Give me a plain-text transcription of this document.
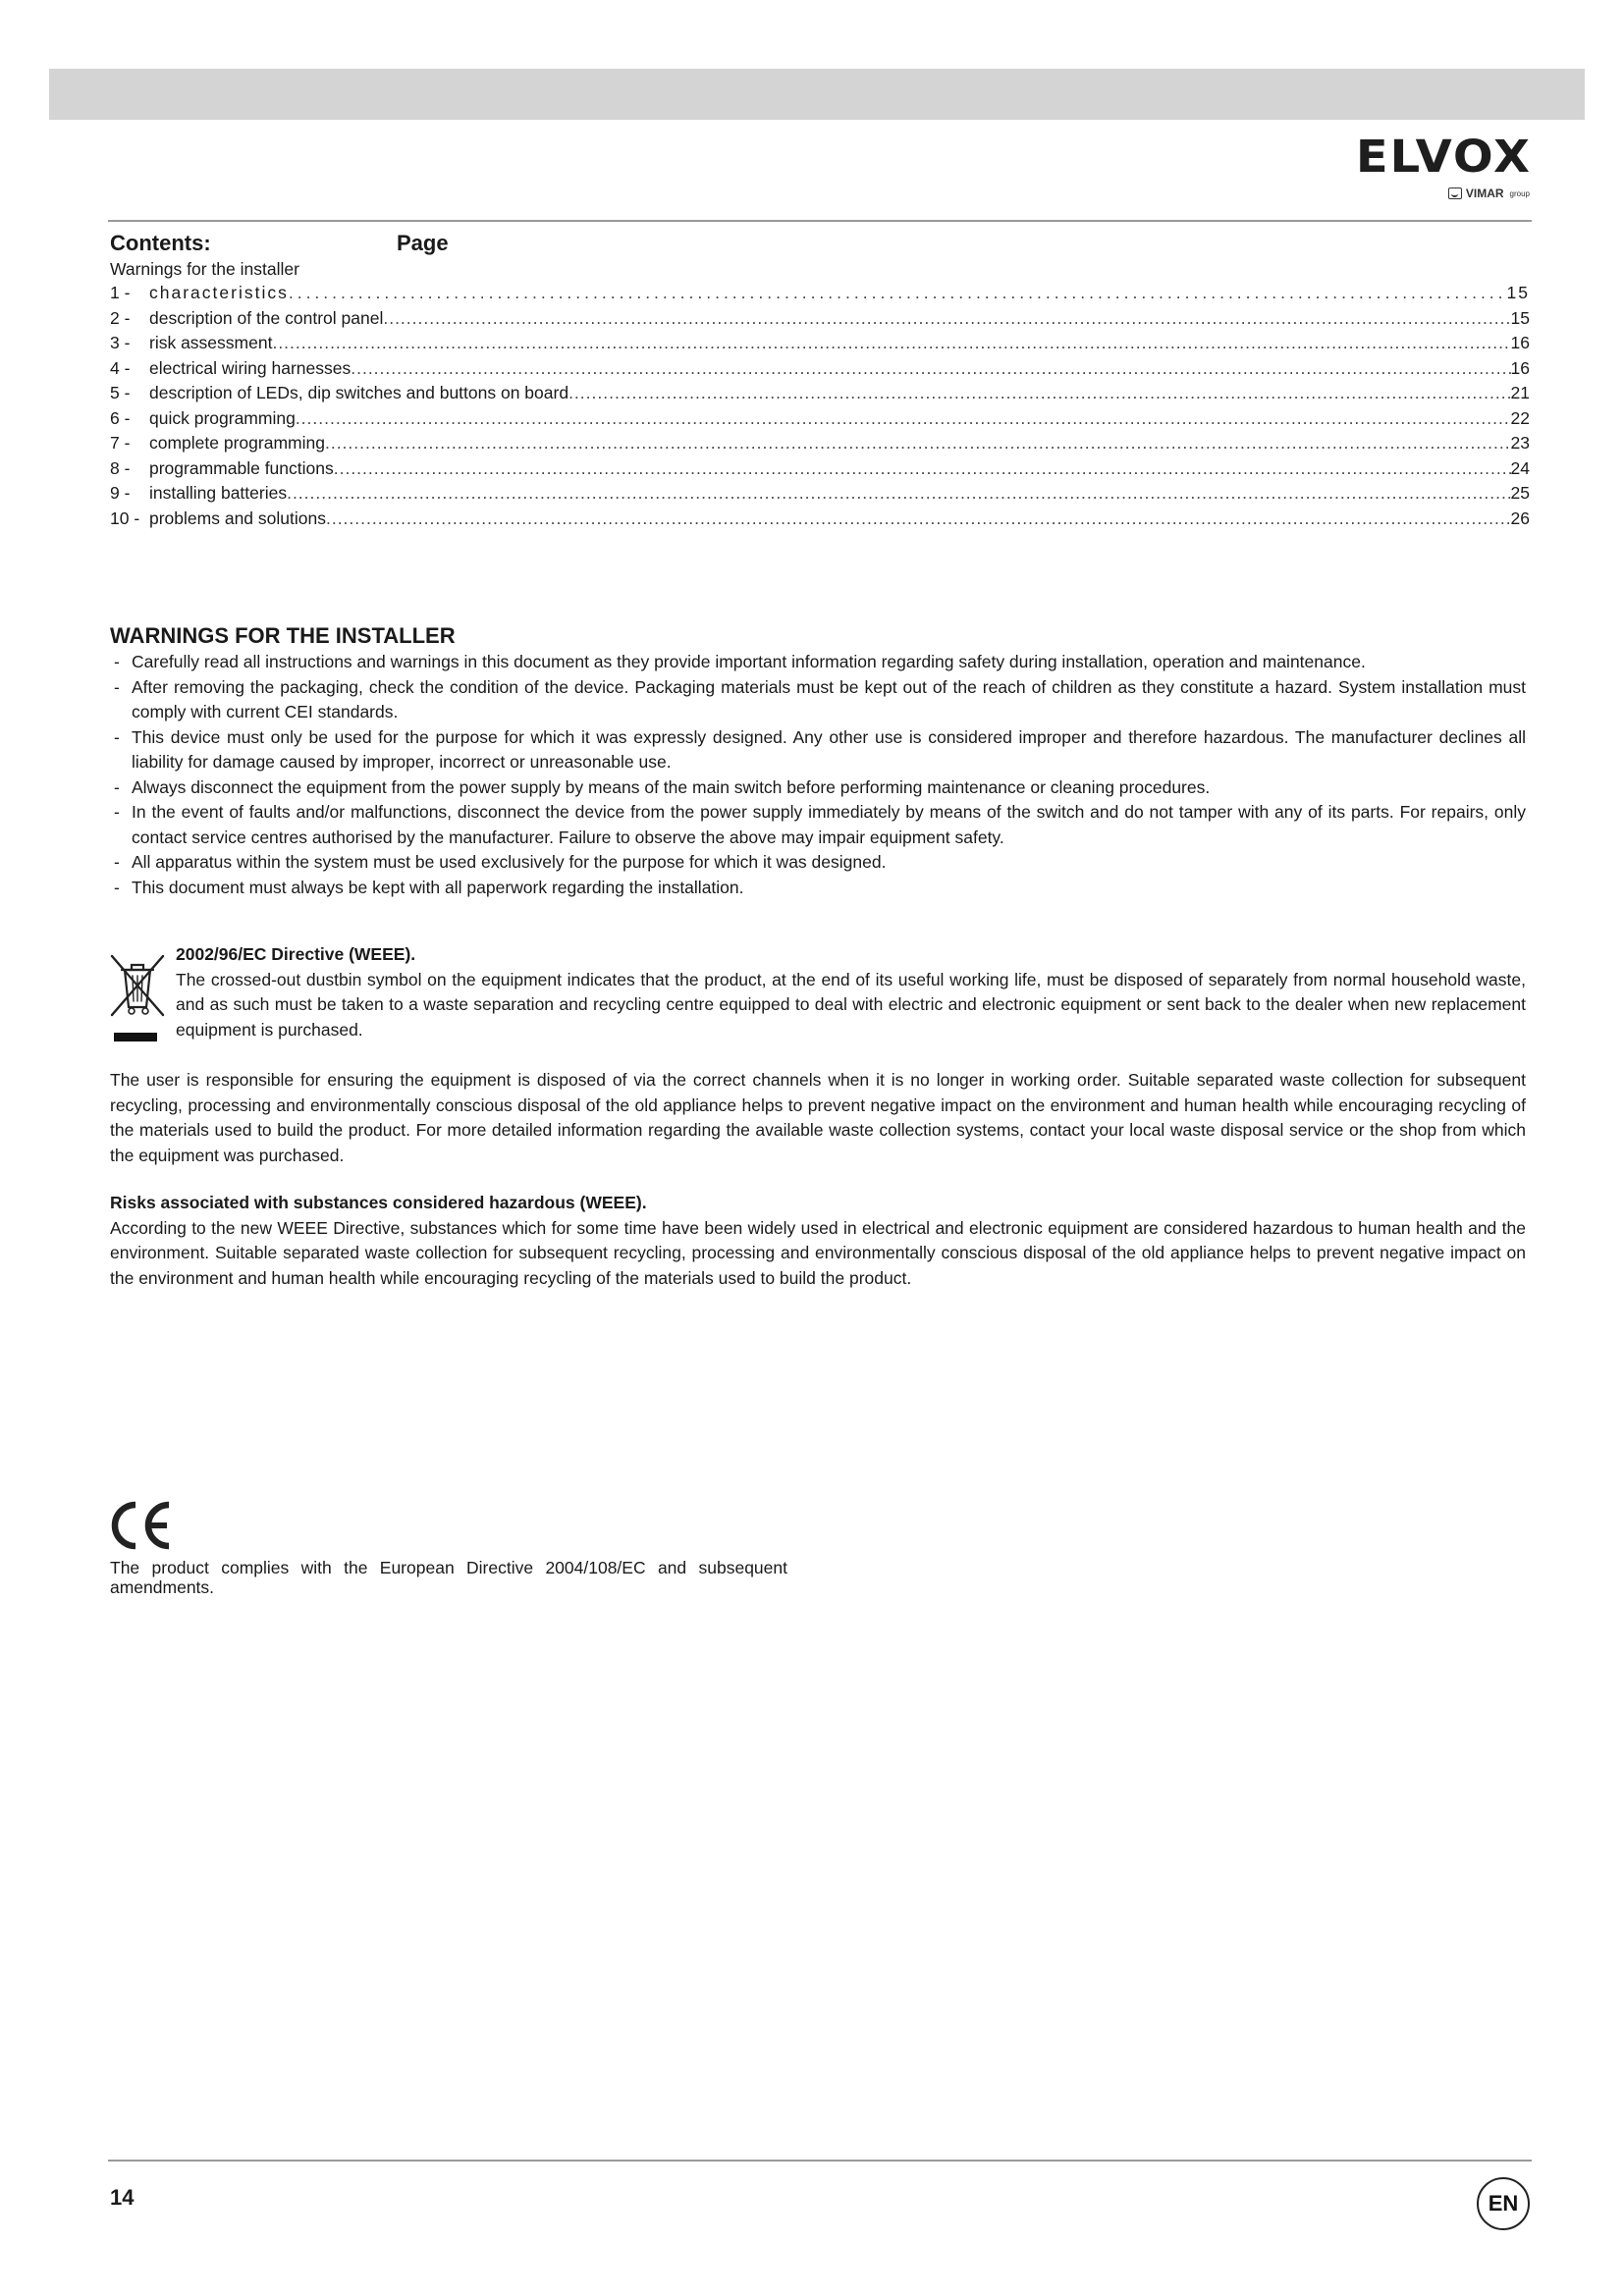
ELVOX
VIMAR group
Contents:	Page
Warnings for the installer
1 -	characteristics .....	15
2 -	description of the control panel .....	15
3 -	risk assessment .....	16
4 -	electrical wiring harnesses .....	16
5 -	description of LEDs, dip switches and buttons on board .....	21
6 -	quick programming .....	22
7 -	complete programming .....	23
8 -	programmable functions .....	24
9 -	installing batteries .....	25
10 - problems and solutions .....	26
WARNINGS FOR THE INSTALLER
- Carefully read all instructions and warnings in this document as they provide important information regarding safety during installation, operation and maintenance.
- After removing the packaging, check the condition of the device. Packaging materials must be kept out of the reach of children as they constitute a hazard. System installation must comply with current CEI standards.
- This device must only be used for the purpose for which it was expressly designed. Any other use is considered improper and therefore hazardous. The manufacturer declines all liability for damage caused by improper, incorrect or unreasonable use.
- Always disconnect the equipment from the power supply by means of the main switch before performing maintenance or cleaning procedures.
- In the event of faults and/or malfunctions, disconnect the device from the power supply immediately by means of the switch and do not tamper with any of its parts. For repairs, only contact service centres authorised by the manufacturer. Failure to observe the above may impair equipment safety.
- All apparatus within the system must be used exclusively for the purpose for which it was designed.
- This document must always be kept with all paperwork regarding the installation.
2002/96/EC Directive (WEEE).
The crossed-out dustbin symbol on the equipment indicates that the product, at the end of its useful working life, must be disposed of separately from normal household waste, and as such must be taken to a waste separation and recycling centre equipped to deal with electric and electronic equipment or sent back to the dealer when new replacement equipment is purchased.

The user is responsible for ensuring the equipment is disposed of via the correct channels when it is no longer in working order. Suitable separated waste collection for subsequent recycling, processing and environmentally conscious disposal of the old appliance helps to prevent negative impact on the environment and human health while encouraging recycling of the materials used to build the product. For more detailed information regarding the available waste collection systems, contact your local waste disposal service or the shop from which the equipment was purchased.

Risks associated with substances considered hazardous (WEEE).
According to the new WEEE Directive, substances which for some time have been widely used in electrical and electronic equipment are considered hazardous to human health and the environment. Suitable separated waste collection for subsequent recycling, processing and environmentally conscious disposal of the old appliance helps to prevent negative impact on the environment and human health while encouraging recycling of the materials used to build the product.

The product complies with the European Directive 2004/108/EC and subsequent amendments.

14	EN
